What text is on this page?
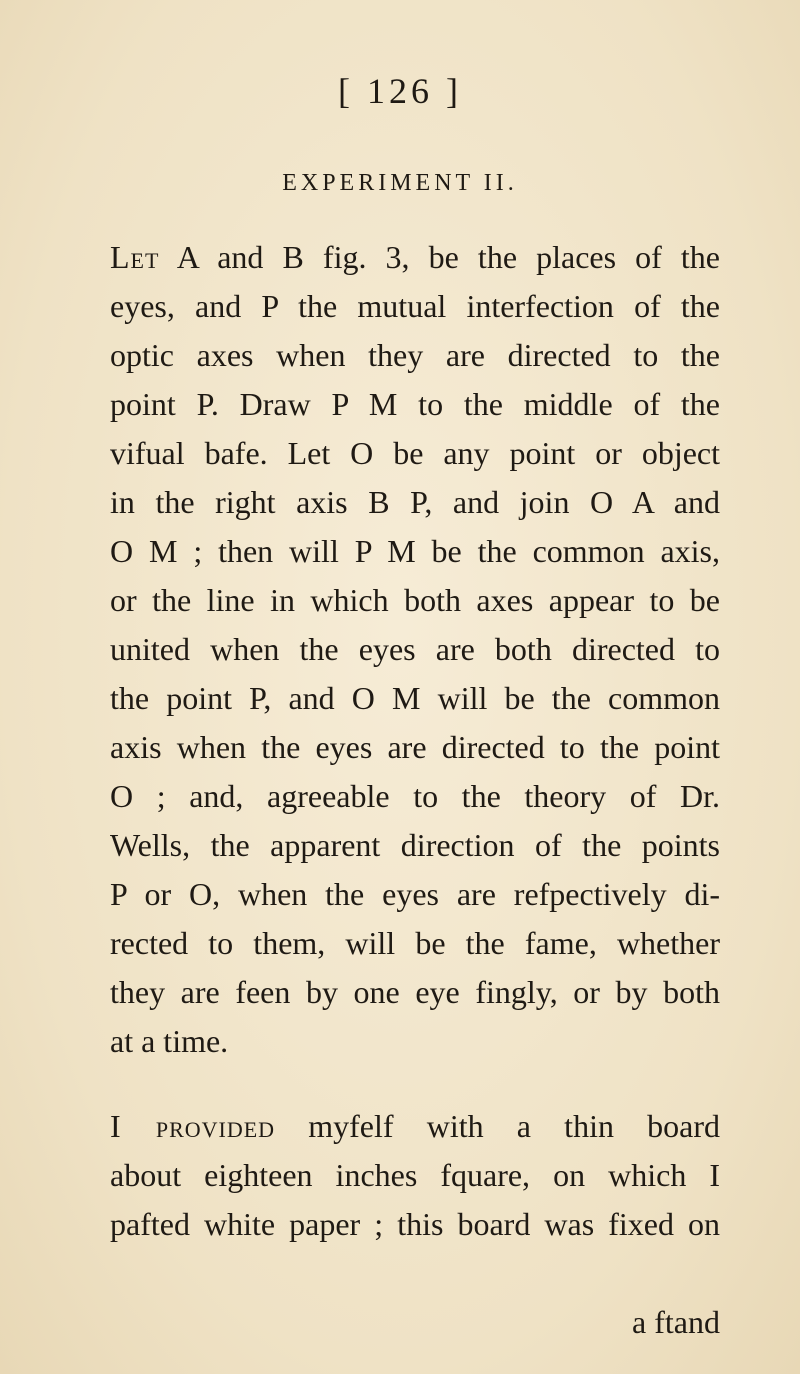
[ 126 ]
EXPERIMENT II.
Let A and B fig. 3, be the places of the
eyes, and P the mutual interfection of the
optic axes when they are directed to the
point P. Draw P M to the middle of the
vifual bafe. Let O be any point or object
in the right axis B P, and join O A and
O M ; then will P M be the common axis,
or the line in which both axes appear to be
united when the eyes are both directed to
the point P, and O M will be the common
axis when the eyes are directed to the point
O ; and, agreeable to the theory of Dr.
Wells, the apparent direction of the points
P or O, when the eyes are refpectively di-
rected to them, will be the fame, whether
they are feen by one eye fingly, or by both
at a time.
I provided myfelf with a thin board
about eighteen inches fquare, on which I
pafted white paper ; this board was fixed on
a ftand
